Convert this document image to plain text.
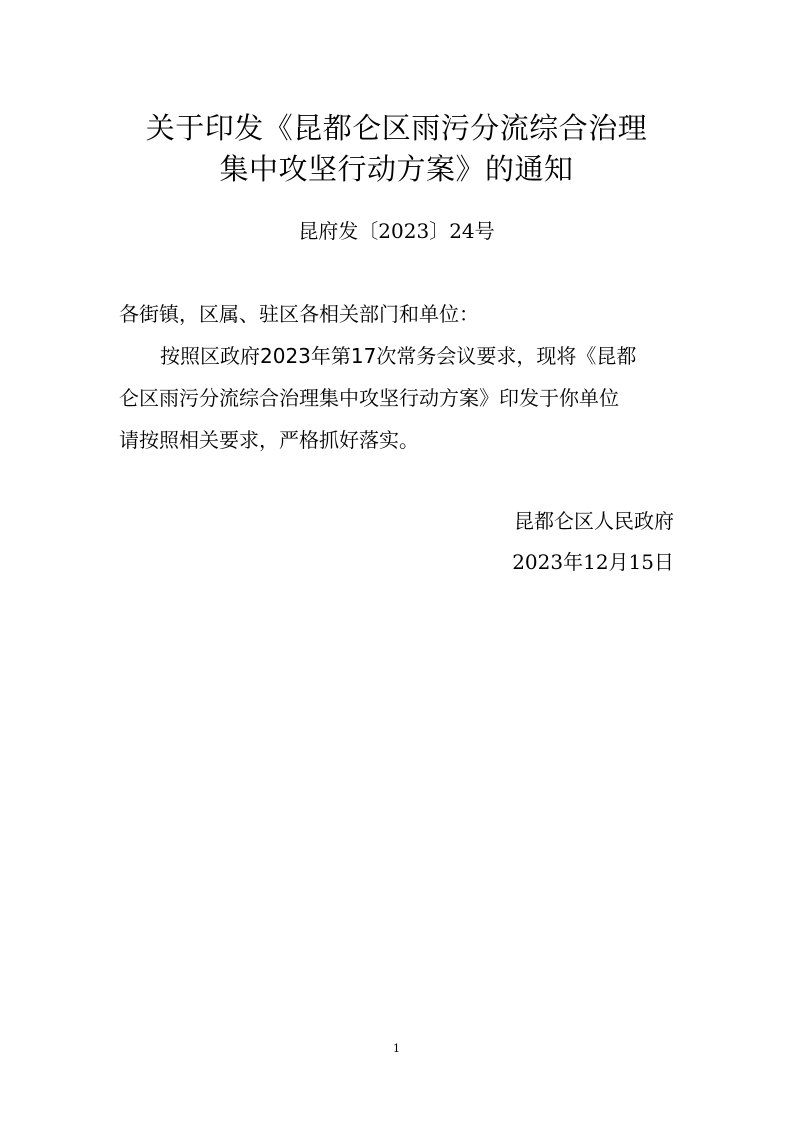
关于印发《昆都仑区雨污分流综合治理
集中攻坚行动方案》的通知
昆府发〔2023〕24号
各街镇，区属、驻区各相关部门和单位：
按照区政府2023年第17次常务会议要求，现将《昆都
仑区雨污分流综合治理集中攻坚行动方案》印发于你单位
请按照相关要求，严格抓好落实。
昆都仑区人民政府
2023年12月15日
1
